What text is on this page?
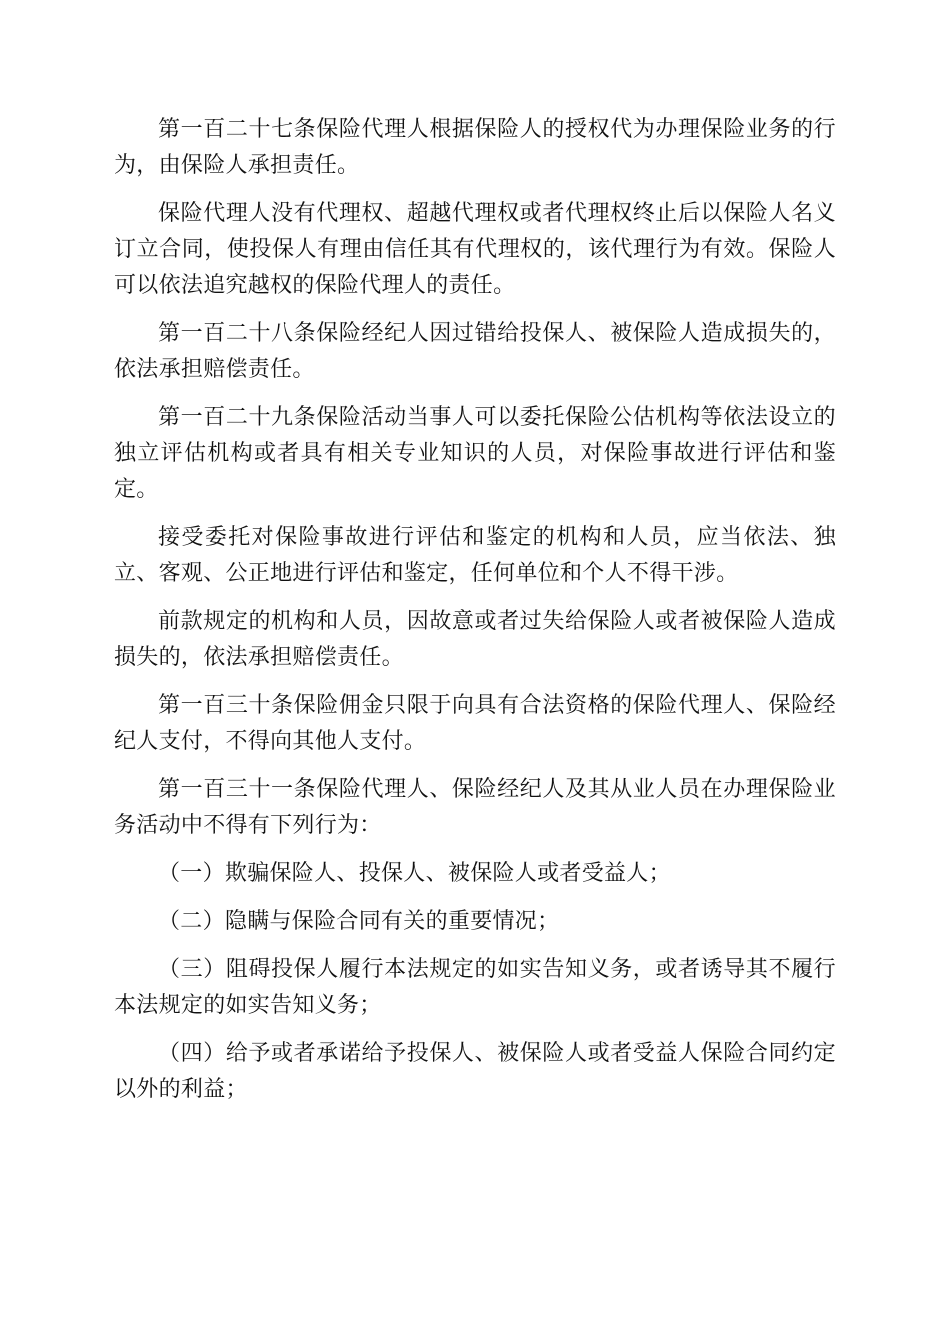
第一百二十七条保险代理人根据保险人的授权代为办理保险业务的行为，由保险人承担责任。

保险代理人没有代理权、超越代理权或者代理权终止后以保险人名义订立合同，使投保人有理由信任其有代理权的，该代理行为有效。保险人可以依法追究越权的保险代理人的责任。

第一百二十八条保险经纪人因过错给投保人、被保险人造成损失的，依法承担赔偿责任。

第一百二十九条保险活动当事人可以委托保险公估机构等依法设立的独立评估机构或者具有相关专业知识的人员，对保险事故进行评估和鉴定。

接受委托对保险事故进行评估和鉴定的机构和人员，应当依法、独立、客观、公正地进行评估和鉴定，任何单位和个人不得干涉。

前款规定的机构和人员，因故意或者过失给保险人或者被保险人造成损失的，依法承担赔偿责任。

第一百三十条保险佣金只限于向具有合法资格的保险代理人、保险经纪人支付，不得向其他人支付。

第一百三十一条保险代理人、保险经纪人及其从业人员在办理保险业务活动中不得有下列行为：

（一）欺骗保险人、投保人、被保险人或者受益人；

（二）隐瞒与保险合同有关的重要情况；

（三）阻碍投保人履行本法规定的如实告知义务，或者诱导其不履行本法规定的如实告知义务；

（四）给予或者承诺给予投保人、被保险人或者受益人保险合同约定以外的利益；
